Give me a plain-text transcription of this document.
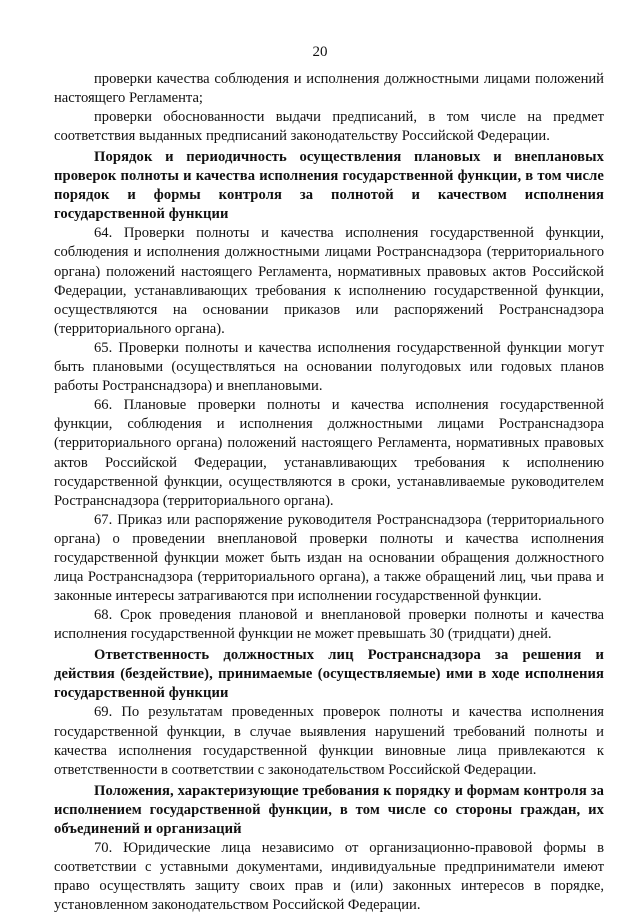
20

проверки качества соблюдения и исполнения должностными лицами положений настоящего Регламента;

проверки обоснованности выдачи предписаний, в том числе на предмет соответствия выданных предписаний законодательству Российской Федерации.

Порядок и периодичность осуществления плановых и внеплановых проверок полноты и качества исполнения государственной функции, в том числе порядок и формы контроля за полнотой и качеством исполнения государственной функции

64. Проверки полноты и качества исполнения государственной функции, соблюдения и исполнения должностными лицами Ространснадзора (территориального органа) положений настоящего Регламента, нормативных правовых актов Российской Федерации, устанавливающих требования к исполнению государственной функции, осуществляются на основании приказов или распоряжений Ространснадзора (территориального органа).

65. Проверки полноты и качества исполнения государственной функции могут быть плановыми (осуществляться на основании полугодовых или годовых планов работы Ространснадзора) и внеплановыми.

66. Плановые проверки полноты и качества исполнения государственной функции, соблюдения и исполнения должностными лицами Ространснадзора (территориального органа) положений настоящего Регламента, нормативных правовых актов Российской Федерации, устанавливающих требования к исполнению государственной функции, осуществляются в сроки, устанавливаемые руководителем Ространснадзора (территориального органа).

67. Приказ или распоряжение руководителя Ространснадзора (территориального органа) о проведении внеплановой проверки полноты и качества исполнения государственной функции может быть издан на основании обращения должностного лица Ространснадзора (территориального органа), а также обращений лиц, чьи права и законные интересы затрагиваются при исполнении государственной функции.

68. Срок проведения плановой и внеплановой проверки полноты и качества исполнения государственной функции не может превышать 30 (тридцати) дней.

Ответственность должностных лиц Ространснадзора за решения и действия (бездействие), принимаемые (осуществляемые) ими в ходе исполнения государственной функции

69. По результатам проведенных проверок полноты и качества исполнения государственной функции, в случае выявления нарушений требований полноты и качества исполнения государственной функции виновные лица привлекаются к ответственности в соответствии с законодательством Российской Федерации.

Положения, характеризующие требования к порядку и формам контроля за исполнением государственной функции, в том числе со стороны граждан, их объединений и организаций

70. Юридические лица независимо от организационно-правовой формы в соответствии с уставными документами, индивидуальные предприниматели имеют право осуществлять защиту своих прав и (или) законных интересов в порядке, установленном законодательством Российской Федерации.
